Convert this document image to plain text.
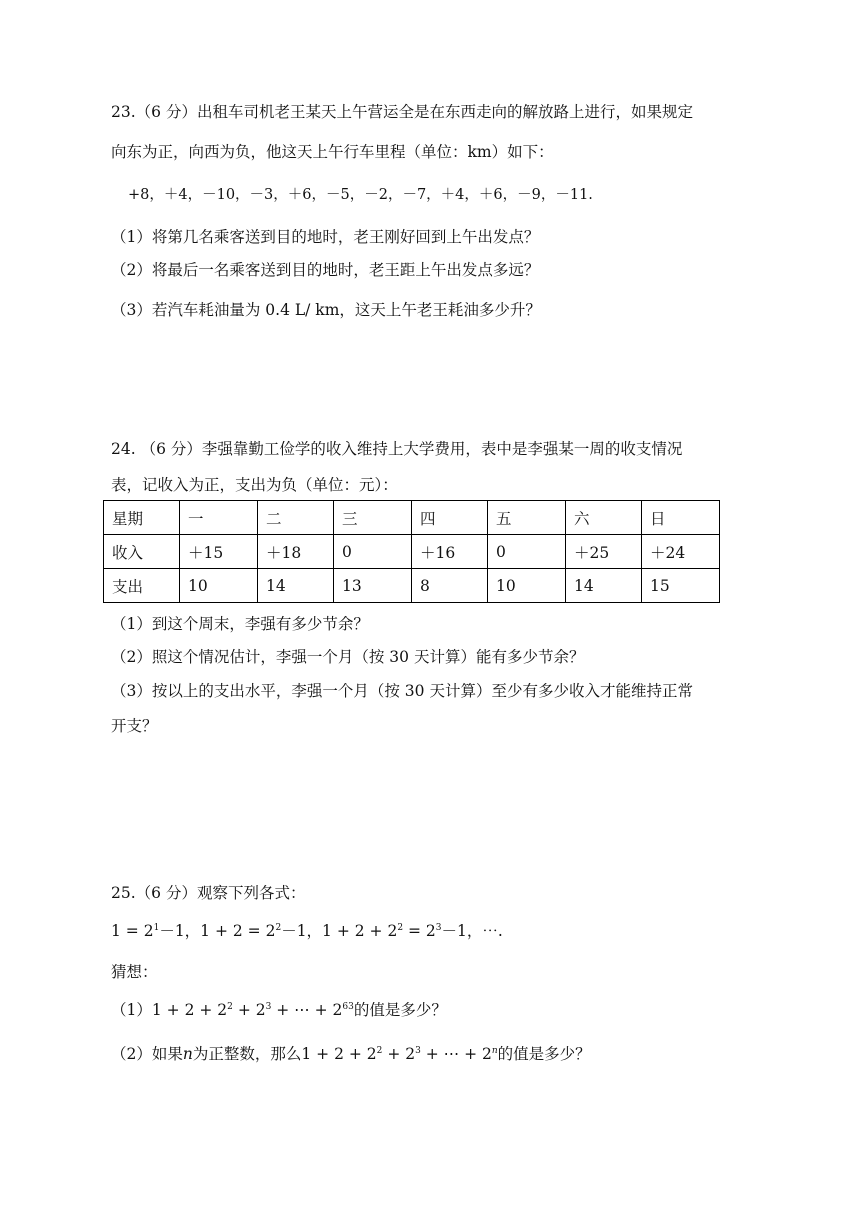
23.（6 分）出租车司机老王某天上午营运全是在东西走向的解放路上进行，如果规定
向东为正，向西为负，他这天上午行车里程（单位：km）如下：
+8，＋4，－10，－3，＋6，－5，－2，－7，＋4，＋6，－9，－11.
（1）将第几名乘客送到目的地时，老王刚好回到上午出发点？
（2）将最后一名乘客送到目的地时，老王距上午出发点多远？
（3）若汽车耗油量为 0.4 L/ km，这天上午老王耗油多少升？
24. （6 分）李强靠勤工俭学的收入维持上大学费用，表中是李强某一周的收支情况
表，记收入为正，支出为负（单位：元）：
星期	一	二	三	四	五	六	日
收入	＋15	＋18	0	＋16	0	＋25	＋24
支出	10	14	13	8	10	14	15
（1）到这个周末，李强有多少节余？
（2）照这个情况估计，李强一个月（按 30 天计算）能有多少节余？
（3）按以上的支出水平，李强一个月（按 30 天计算）至少有多少收入才能维持正常
开支？
25.（6 分）观察下列各式：
$1 = 2^1-1$，$1 + 2 = 2^2-1$，$1 + 2 + 2^2 = 2^3-1$，⋯.
猜想：
$(1)1 + 2 + 2^2 + 2^3$ + ⋯ + $2^{63}$的值是多少？
（2）如果n为正整数，那么$1 + 2 + 2^2 + 2^3$ + ⋯ + $2^n$的值是多少？
